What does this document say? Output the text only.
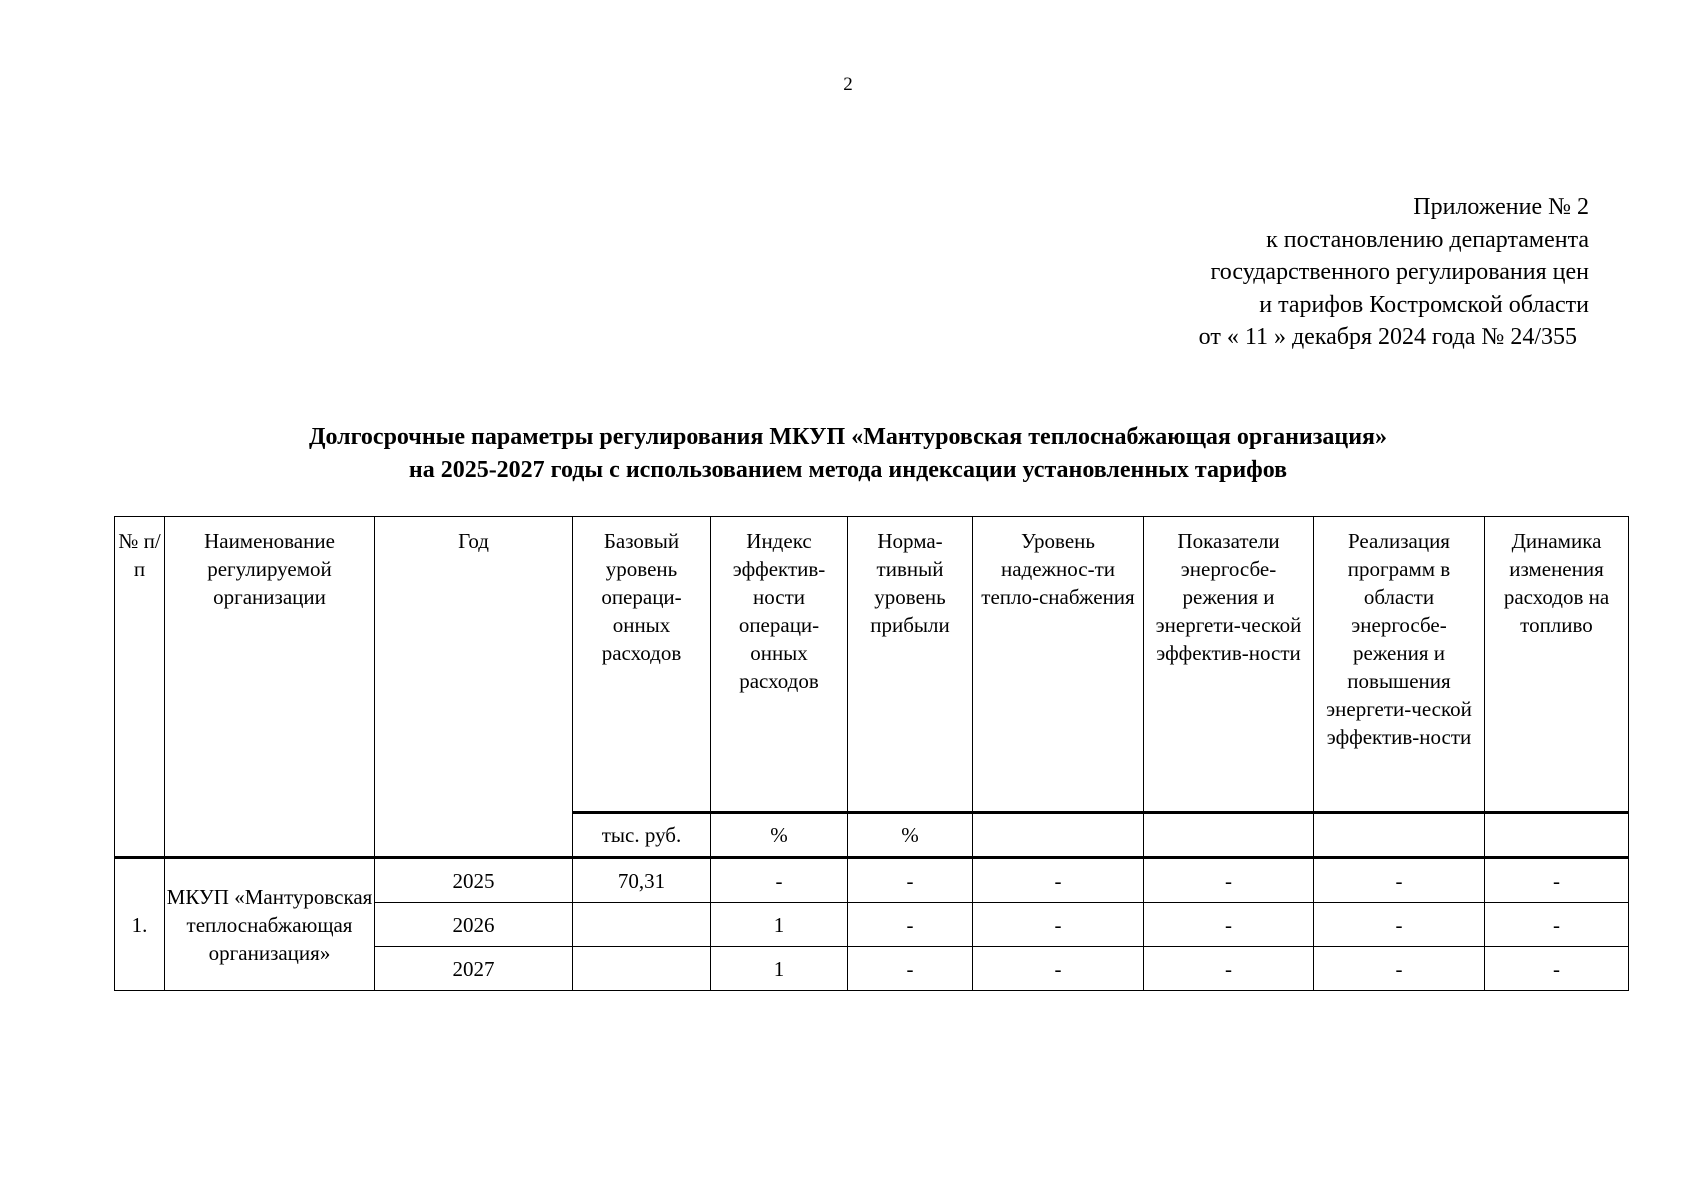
2
Приложение № 2
к постановлению департамента
государственного регулирования цен
и тарифов Костромской области
от « 11 » декабря 2024 года № 24/355
Долгосрочные параметры регулирования МКУП «Мантуровская теплоснабжающая организация»
на 2025-2027 годы с использованием метода индексации установленных тарифов
№ п/п	Наименование регулируемой организации	Год	Базовый уровень операци-онных расходов	Индекс эффектив-ности операци-онных расходов	Норма-тивный уровень прибыли	Уровень надежнос-ти тепло-снабжения	Показатели энергосбе-режения и энергети-ческой эффектив-ности	Реализация программ в области энергосбе-режения и повышения энергети-ческой эффектив-ности	Динамика изменения расходов на топливо
			тыс. руб.	%	%				
1.	МКУП «Мантуровская теплоснабжающая организация»	2025	70,31	-	-	-	-	-	-
		2026		1	-	-	-	-	-
		2027		1	-	-	-	-	-
